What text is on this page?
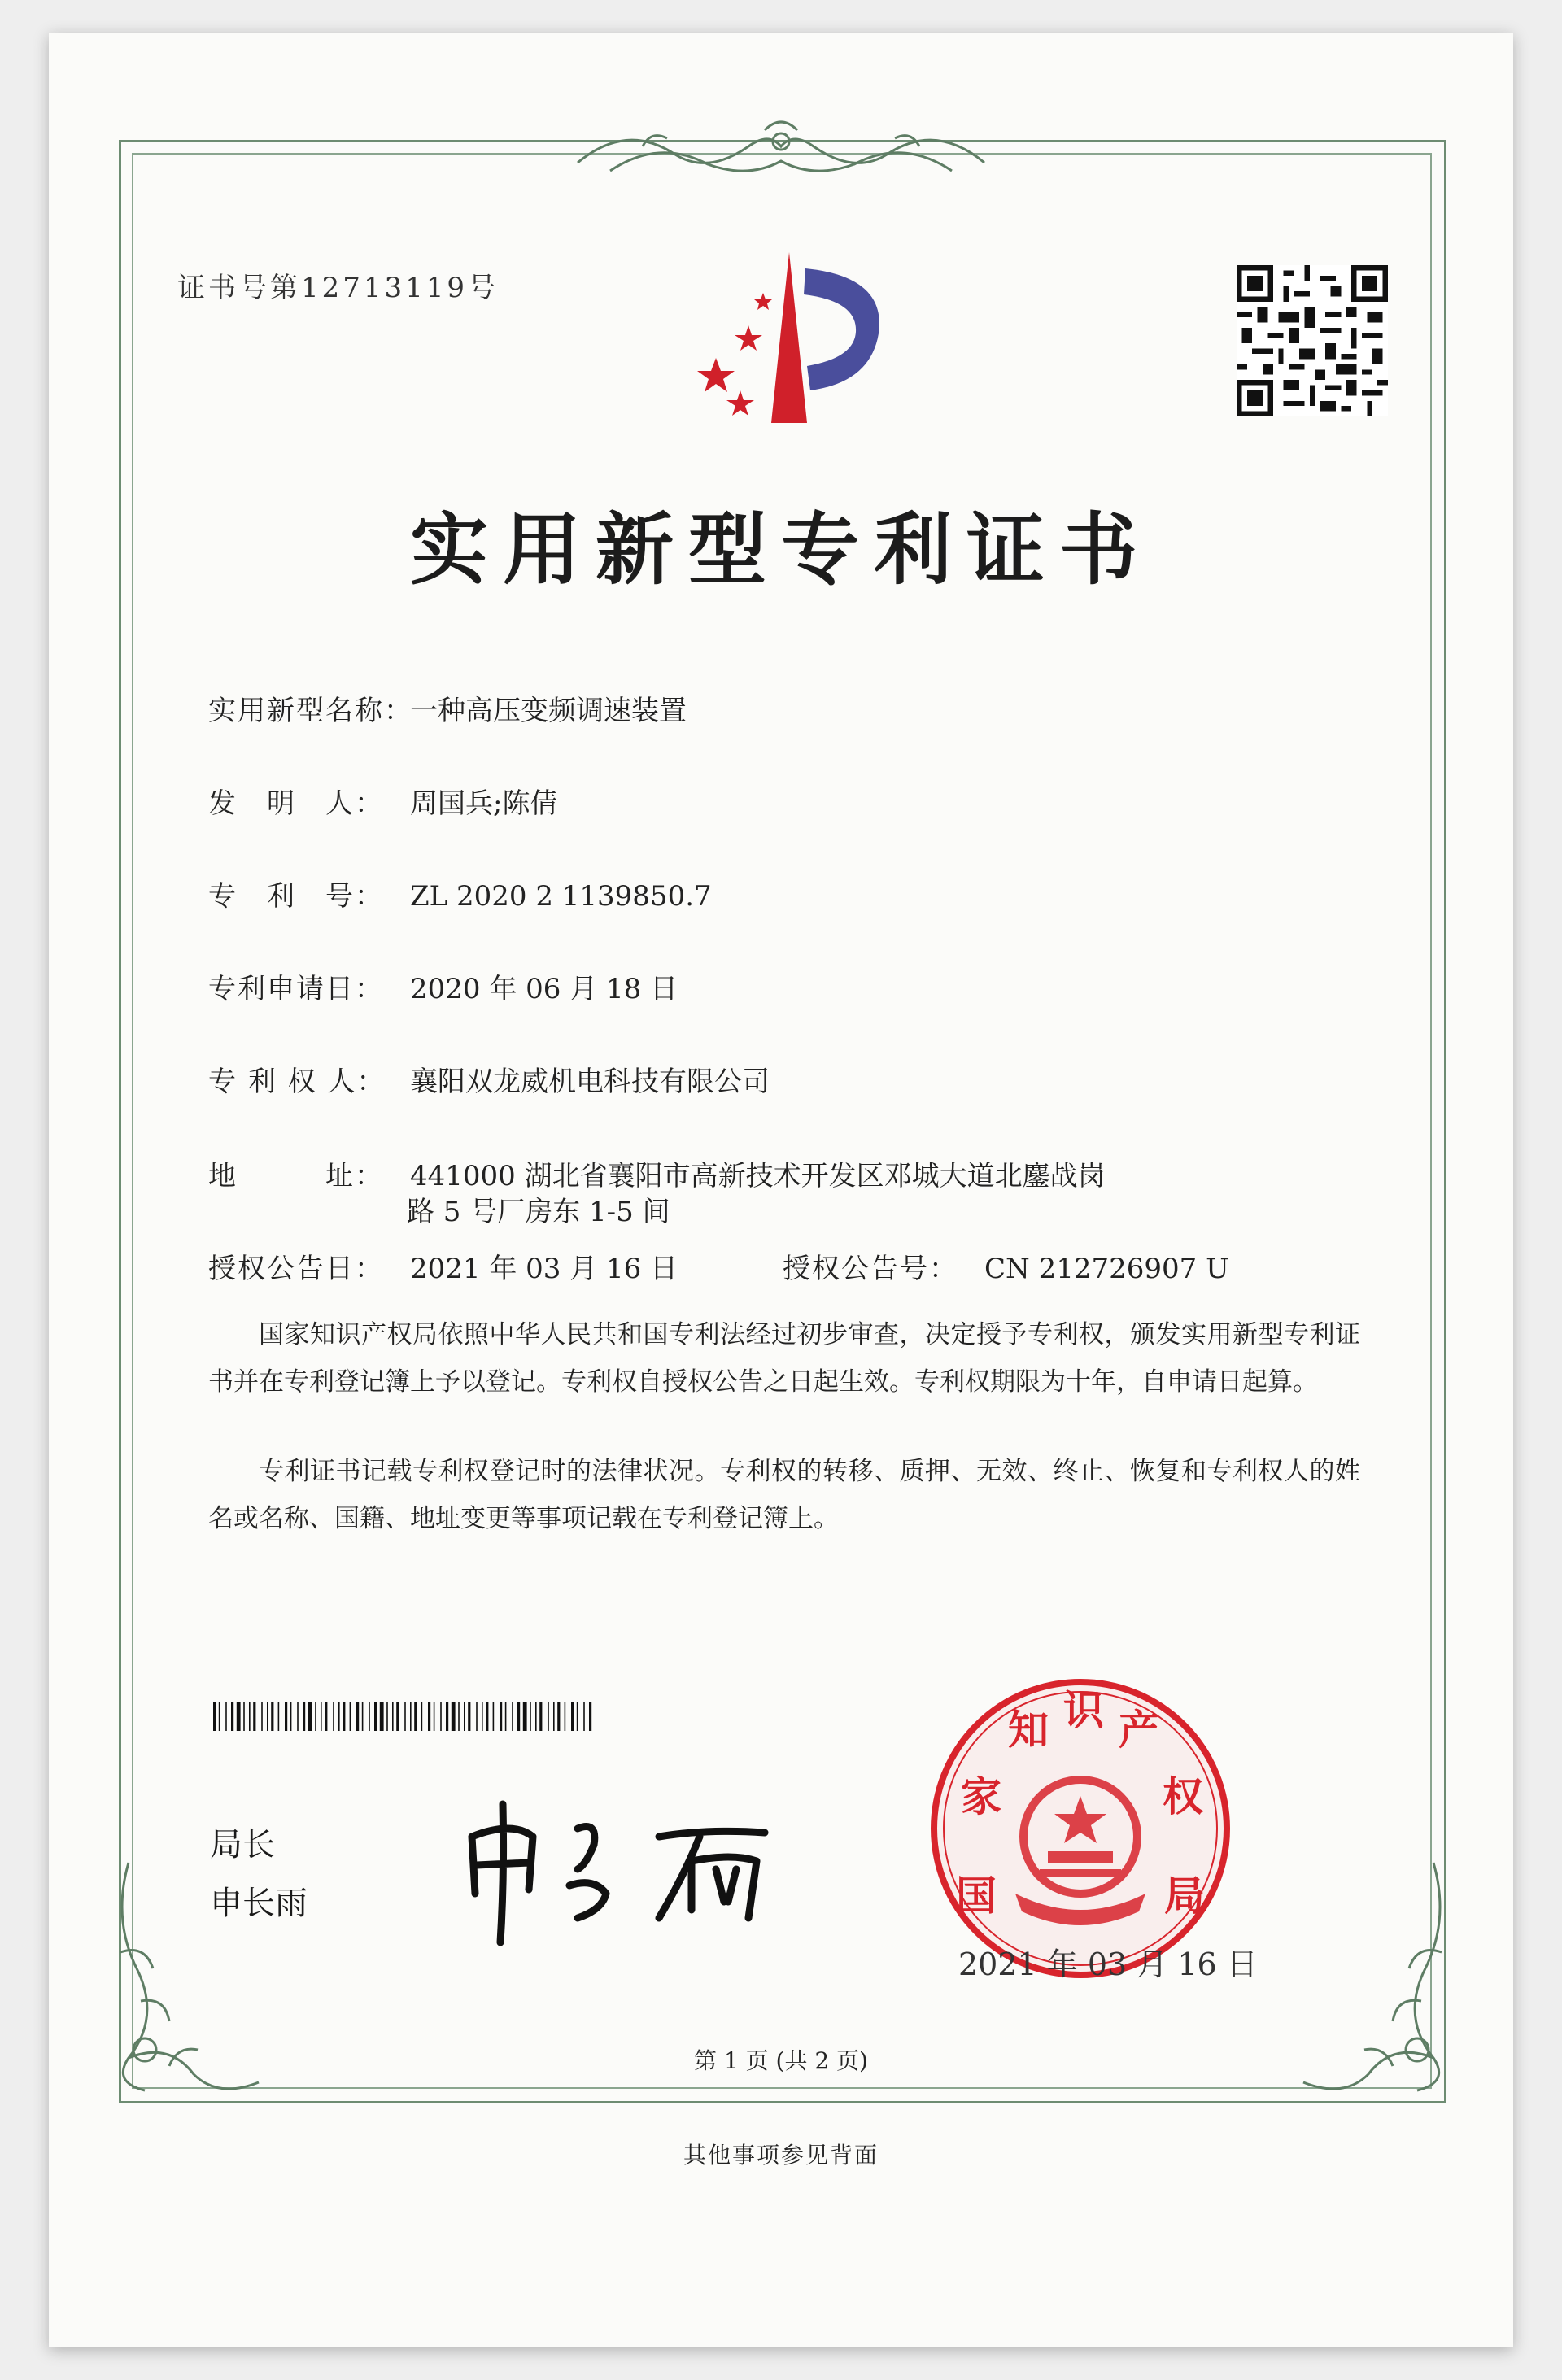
证书号第12713119号
实用新型专利证书
实用新型名称：一种高压变频调速装置
发　明　人： 周国兵;陈倩
专　利　号： ZL 2020 2 1139850.7
专利申请日： 2020 年 06 月 18 日
专 利 权 人： 襄阳双龙威机电科技有限公司
地　　　址： 441000 湖北省襄阳市高新技术开发区邓城大道北鏖战岗
路 5 号厂房东 1-5 间
授权公告日： 2021 年 03 月 16 日	授权公告号： CN 212726907 U
国家知识产权局依照中华人民共和国专利法经过初步审查，决定授予专利权，颁发实用新型专利证书并在专利登记簿上予以登记。专利权自授权公告之日起生效。专利权期限为十年，自申请日起算。
专利证书记载专利权登记时的法律状况。专利权的转移、质押、无效、终止、恢复和专利权人的姓名或名称、国籍、地址变更等事项记载在专利登记簿上。
局长
申长雨	国
家
知 识 产
权
局
2021 年 03 月 16 日
第 1 页 (共 2 页)
其他事项参见背面
